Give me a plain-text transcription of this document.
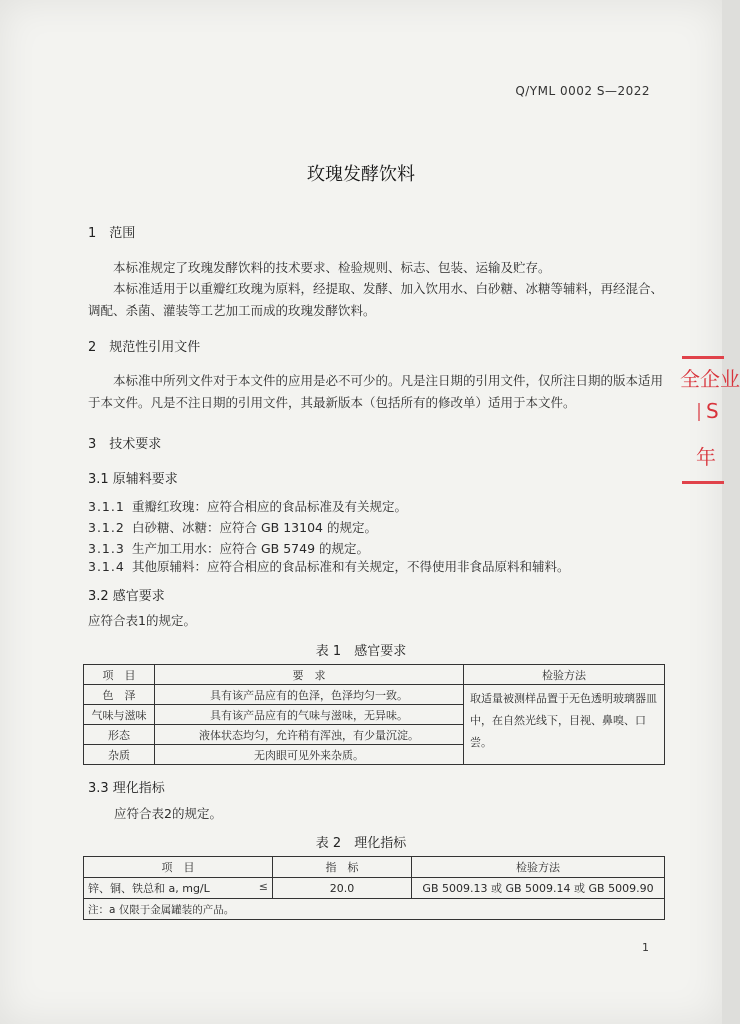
Q/YML 0002 S—2022
玫瑰发酵饮料
1　范围
本标准规定了玫瑰发酵饮料的技术要求、检验规则、标志、包装、运输及贮存。
本标准适用于以重瓣红玫瑰为原料，经提取、发酵、加入饮用水、白砂糖、冰糖等辅料，再经混合、调配、杀菌、灌装等工艺加工而成的玫瑰发酵饮料。
2　规范性引用文件
本标准中所列文件对于本文件的应用是必不可少的。凡是注日期的引用文件，仅所注日期的版本适用于本文件。凡是不注日期的引用文件，其最新版本（包括所有的修改单）适用于本文件。
3　技术要求
3.1 原辅料要求
3.1.1 重瓣红玫瑰：应符合相应的食品标准及有关规定。
3.1.2 白砂糖、冰糖：应符合 GB 13104 的规定。
3.1.3 生产加工用水：应符合 GB 5749 的规定。
3.1.4 其他原辅料：应符合相应的食品标准和有关规定，不得使用非食品原料和辅料。
3.2 感官要求
应符合表1的规定。
表 1　感官要求
项　目	要　求	检验方法
色　泽	具有该产品应有的色泽，色泽均匀一致。	取适量被测样品置于无色透明玻璃器皿中，在自然光线下，目视、鼻嗅、口尝。
气味与滋味	具有该产品应有的气味与滋味，无异味。	
形态	液体状态均匀，允许稍有浑浊，有少量沉淀。	
杂质	无肉眼可见外来杂质。	
3.3 理化指标
应符合表2的规定。
表 2　理化指标
项　目	指　标	检验方法
锌、铜、铁总和 a, mg/L ≤	20.0	GB 5009.13 或 GB 5009.14 或 GB 5009.90
注：a 仅限于金属罐装的产品。		
1
全企业
S
年
